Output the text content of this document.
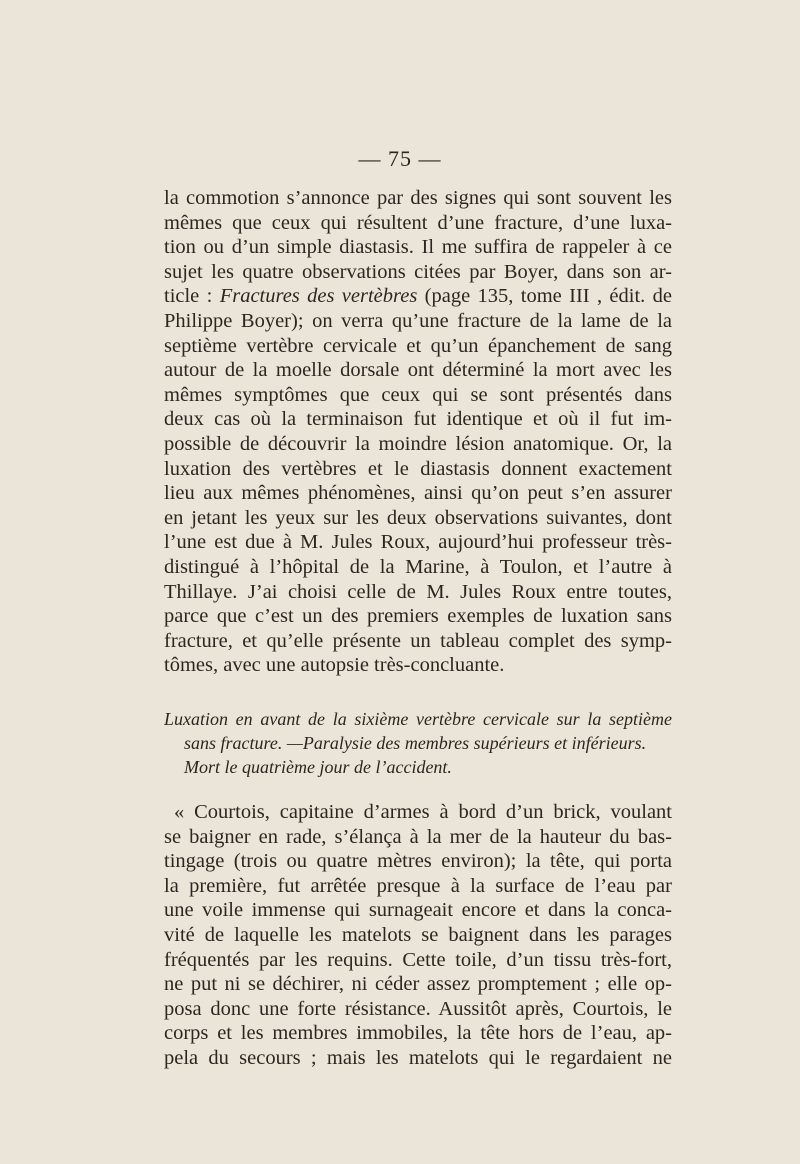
— 75 —
la commotion s’annonce par des signes qui sont souvent les
mêmes que ceux qui résultent d’une fracture, d’une luxa-
tion ou d’un simple diastasis. Il me suffira de rappeler à ce
sujet les quatre observations citées par Boyer, dans son ar-
ticle : Fractures des vertèbres (page 135, tome III , édit. de
Philippe Boyer); on verra qu’une fracture de la lame de la
septième vertèbre cervicale et qu’un épanchement de sang
autour de la moelle dorsale ont déterminé la mort avec les
mêmes symptômes que ceux qui se sont présentés dans
deux cas où la terminaison fut identique et où il fut im-
possible de découvrir la moindre lésion anatomique. Or, la
luxation des vertèbres et le diastasis donnent exactement
lieu aux mêmes phénomènes, ainsi qu’on peut s’en assurer
en jetant les yeux sur les deux observations suivantes, dont
l’une est due à M. Jules Roux, aujourd’hui professeur très-
distingué à l’hôpital de la Marine, à Toulon, et l’autre à
Thillaye. J’ai choisi celle de M. Jules Roux entre toutes,
parce que c’est un des premiers exemples de luxation sans
fracture, et qu’elle présente un tableau complet des symp-
tômes, avec une autopsie très-concluante.
Luxation en avant de la sixième vertèbre cervicale sur la septième
sans fracture. —Paralysie des membres supérieurs et inférieurs.
Mort le quatrième jour de l’accident.
« Courtois, capitaine d’armes à bord d’un brick, voulant
se baigner en rade, s’élança à la mer de la hauteur du bas-
tingage (trois ou quatre mètres environ); la tête, qui porta
la première, fut arrêtée presque à la surface de l’eau par
une voile immense qui surnageait encore et dans la conca-
vité de laquelle les matelots se baignent dans les parages
fréquentés par les requins. Cette toile, d’un tissu très-fort,
ne put ni se déchirer, ni céder assez promptement ; elle op-
posa donc une forte résistance. Aussitôt après, Courtois, le
corps et les membres immobiles, la tête hors de l’eau, ap-
pela du secours ; mais les matelots qui le regardaient ne
